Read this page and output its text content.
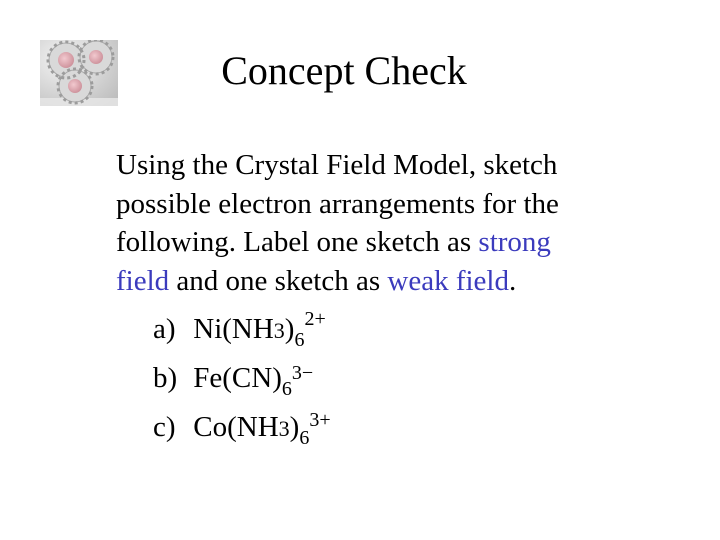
Concept Check
Using the Crystal Field Model, sketch
possible electron arrangements for the
following. Label one sketch as strong
field and one sketch as weak field.
a) $Ni(NH3)_6^{2+}$
b) $Fe(CN)_6^{3-}$
c) $Co(NH3)_6^{3+}$
